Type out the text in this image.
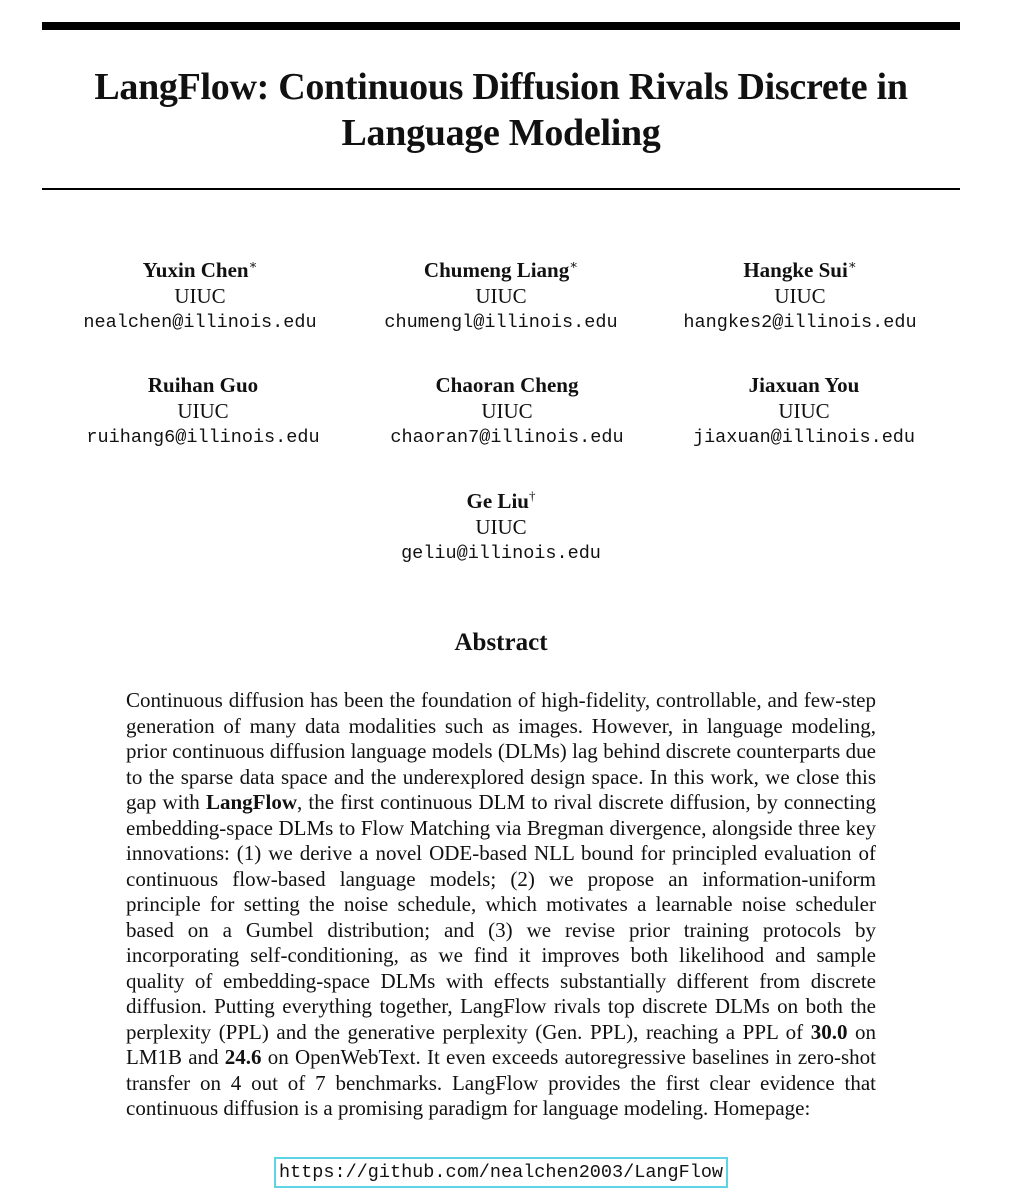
LangFlow: Continuous Diffusion Rivals Discrete in Language Modeling
Yuxin Chen∗
UIUC
nealchen@illinois.edu
Chumeng Liang∗
UIUC
chumengl@illinois.edu
Hangke Sui∗
UIUC
hangkes2@illinois.edu
Ruihan Guo
UIUC
ruihang6@illinois.edu
Chaoran Cheng
UIUC
chaoran7@illinois.edu
Jiaxuan You
UIUC
jiaxuan@illinois.edu
Ge Liu†
UIUC
geliu@illinois.edu
Abstract
Continuous diffusion has been the foundation of high-fidelity, controllable, and few-step generation of many data modalities such as images. However, in language modeling, prior continuous diffusion language models (DLMs) lag behind discrete counterparts due to the sparse data space and the underexplored design space. In this work, we close this gap with LangFlow, the first continuous DLM to rival discrete diffusion, by connecting embedding-space DLMs to Flow Matching via Bregman divergence, alongside three key innovations: (1) we derive a novel ODE-based NLL bound for principled evaluation of continuous flow-based language models; (2) we propose an information-uniform principle for setting the noise schedule, which motivates a learnable noise scheduler based on a Gumbel distribution; and (3) we revise prior training protocols by incorporating self-conditioning, as we find it improves both likelihood and sample quality of embedding-space DLMs with effects substantially different from discrete diffusion. Putting everything together, LangFlow rivals top discrete DLMs on both the perplexity (PPL) and the generative perplexity (Gen. PPL), reaching a PPL of 30.0 on LM1B and 24.6 on OpenWebText. It even exceeds autoregressive baselines in zero-shot transfer on 4 out of 7 benchmarks. LangFlow provides the first clear evidence that continuous diffusion is a promising paradigm for language modeling. Homepage:
https://github.com/nealchen2003/LangFlow
